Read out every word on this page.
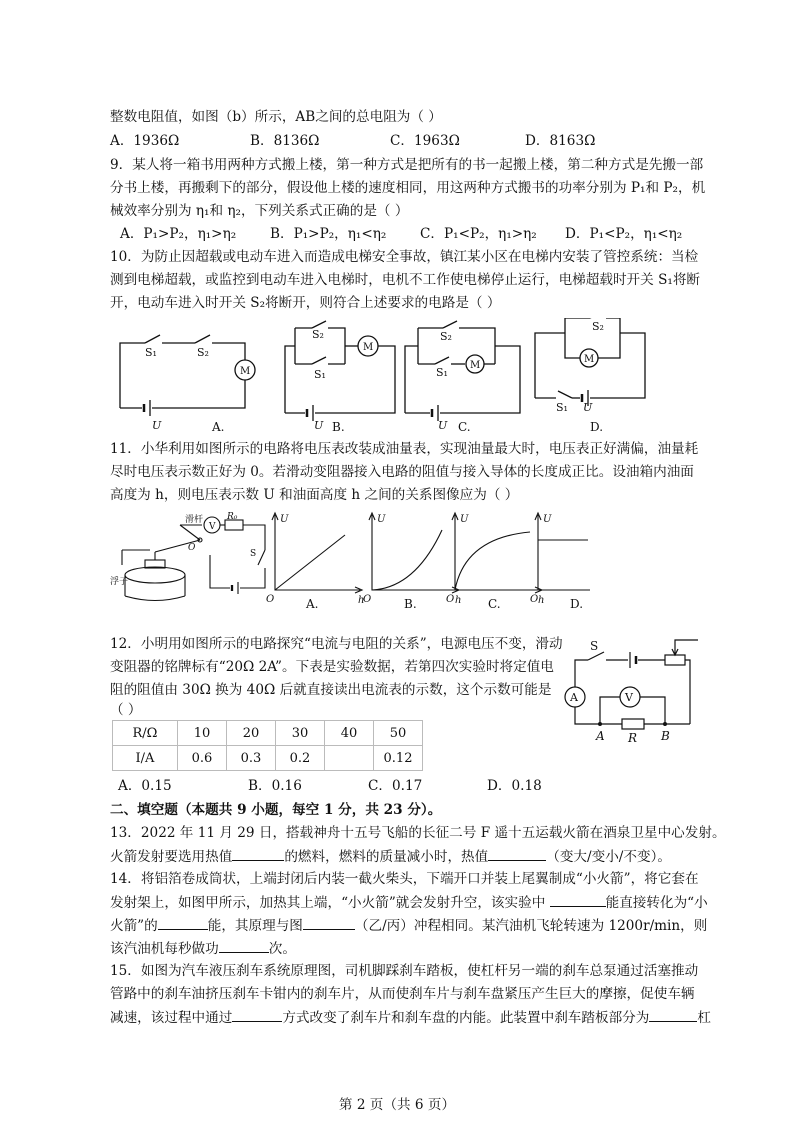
整数电阻值，如图（b）所示，AB之间的总电阻为（ ）
A．1936Ω	B．8136Ω	C．1963Ω	D．8163Ω
9．某人将一箱书用两种方式搬上楼，第一种方式是把所有的书一起搬上楼，第二种方式是先搬一部
分书上楼，再搬剩下的部分，假设他上楼的速度相同，用这两种方式搬书的功率分别为 P₁和 P₂，机
械效率分别为 η₁和 η₂，下列关系式正确的是（ ）
A．P₁>P₂，η₁>η₂ B．P₁>P₂，η₁<η₂ C．P₁<P₂，η₁>η₂ D．P₁<P₂，η₁<η₂
10．为防止因超载或电动车进入而造成电梯安全事故，镇江某小区在电梯内安装了管控系统：当检
测到电梯超载，或监控到电动车进入电梯时，电机不工作使电梯停止运行，电梯超载时开关 S₁将断
开，电动车进入时开关 S₂将断开，则符合上述要求的电路是（ ）
S₁	S₂
M
U
S₂
S₁
M
U
S₂
S₁
M
U
S₂
M
S₁ U
A.	B.	C.	D.
11．小华利用如图所示的电路将电压表改装成油量表，实现油量最大时，电压表正好满偏，油量耗
尽时电压表示数正好为 0。若滑动变阻器接入电路的阻值与接入导体的长度成正比。设油箱内油面
高度为 h，则电压表示数 U 和油面高度 h 之间的关系图像应为（ ）
V
R₀
滑杆
O
S
浮子
U
h
O
U
h
O
U
h
O
U
O
A.	B.	C.	D.
12．小明用如图所示的电路探究“电流与电阻的关系”，电源电压不变，滑动
变阻器的铭牌标有“20Ω 2A”。下表是实验数据，若第四次实验时将定值电
阻的阻值由 30Ω 换为 40Ω 后就直接读出电流表的示数，这个示数可能是
（ ）
S
A	V
A R B
R/Ω	10	20	30	40	50
I/A	0.6	0.3	0.2		0.12
A．0.15	B．0.16	C．0.17	D．0.18
二、填空题（本题共 9 小题，每空 1 分，共 23 分）。
13．2022 年 11 月 29 日，搭载神舟十五号飞船的长征二号 F 遥十五运载火箭在酒泉卫星中心发射。
火箭发射要选用热值	的燃料，燃料的质量减小时，热值	（变大/变小/不变）。
14．将铝箔卷成筒状，上端封闭后内装一截火柴头，下端开口并装上尾翼制成“小火箭”，将它套在
发射架上，如图甲所示，加热其上端，“小火箭”就会发射升空，该实验中	能直接转化为“小
火箭”的	能，其原理与图	（乙/丙）冲程相同。某汽油机飞轮转速为 1200r/min，则
该汽油机每秒做功	次。
15．如图为汽车液压刹车系统原理图，司机脚踩刹车踏板，使杠杆另一端的刹车总泵通过活塞推动
管路中的刹车油挤压刹车卡钳内的刹车片，从而使刹车片与刹车盘紧压产生巨大的摩擦，促使车辆
减速，该过程中通过	方式改变了刹车片和刹车盘的内能。此装置中刹车踏板部分为	杠
第 2 页（共 6 页）
